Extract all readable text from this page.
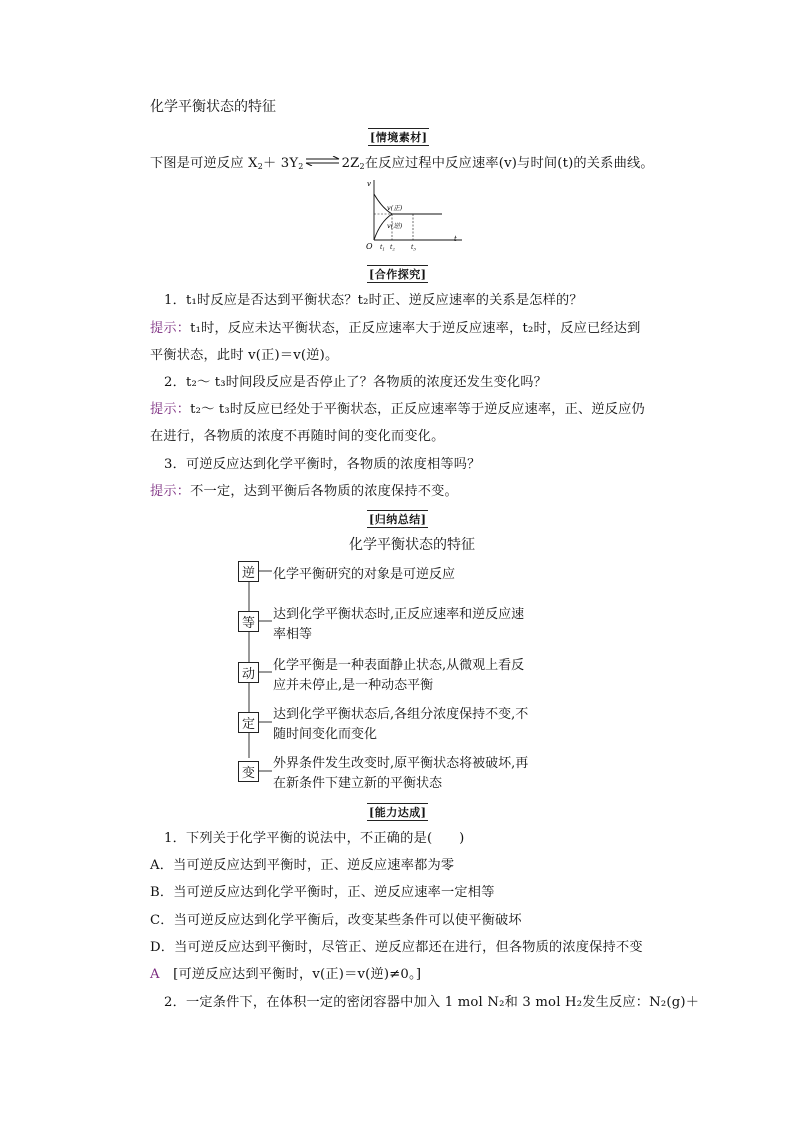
化学平衡状态的特征
[情境素材]
下图是可逆反应 $X_2+ 3Y_2$ $\rightleftharpoons 2Z_2$在反应过程中反应速率(v)与时间(t)的关系曲线。
v
t
O $t_1$ $t_2$	$t_3$
v(正)
v(逆)
[合作探究]
1．t₁时反应是否达到平衡状态？t₂时正、逆反应速率的关系是怎样的？
提示：t₁时，反应未达平衡状态，正反应速率大于逆反应速率，t₂时，反应已经达到
平衡状态，此时 v(正)＝v(逆)。
2．t₂～ t₃时间段反应是否停止了？各物质的浓度还发生变化吗？
提示：t₂～ t₃时反应已经处于平衡状态，正反应速率等于逆反应速率，正、逆反应仍
在进行，各物质的浓度不再随时间的变化而变化。
3．可逆反应达到化学平衡时，各物质的浓度相等吗？
提示：不一定，达到平衡后各物质的浓度保持不变。
[归纳总结]
化学平衡状态的特征
逆	化学平衡研究的对象是可逆反应
等
达到化学平衡状态时,正反应速率和逆反应速
率相等
动
化学平衡是一种表面静止状态,从微观上看反
应并未停止,是一种动态平衡
定
达到化学平衡状态后,各组分浓度保持不变,不
随时间变化而变化
变
外界条件发生改变时,原平衡状态将被破坏,再
在新条件下建立新的平衡状态
[能力达成]
1．下列关于化学平衡的说法中，不正确的是(　　)
A．当可逆反应达到平衡时，正、逆反应速率都为零
B．当可逆反应达到化学平衡时，正、逆反应速率一定相等
C．当可逆反应达到化学平衡后，改变某些条件可以使平衡破坏
D．当可逆反应达到平衡时，尽管正、逆反应都还在进行，但各物质的浓度保持不变
A　 [可逆反应达到平衡时，v(正)＝v(逆)≠0。]
2．一定条件下，在体积一定的密闭容器中加入 1 mol N₂和 3 mol H₂发生反应：N₂(g)＋
